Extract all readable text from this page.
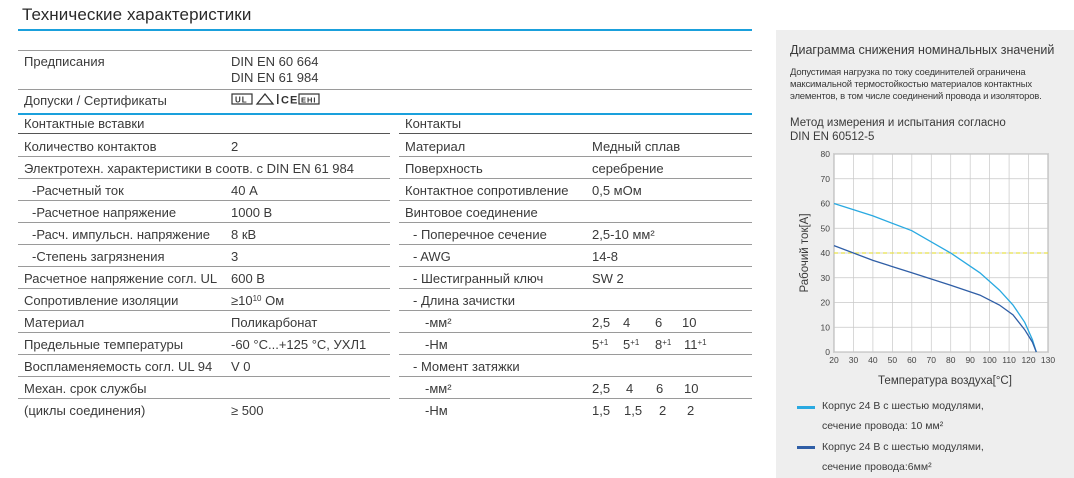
Технические характеристики
Предписания	DIN EN 60 664
DIN EN 61 984
Допуски / Сертификаты	UL	CE EHI
Контактные вставки	Контакты
Количество контактов	2
Электротехн. характеристики в соотв. с DIN EN 61 984
-Расчетный ток	40 А
-Расчетное напряжение	1000 В
-Расч. импульсн. напряжение 8 кВ
-Степень загрязнения	3
Расчетное напряжение согл. UL 600 В
Сопротивление изоляции	$\ge 10^{10}$ Ом
Материал	Поликарбонат
Предельные температуры	-60 °C...+125 °C, УХЛ1
Воспламеняемость согл. UL 94 V 0
Механ. срок службы
(циклы соединения)	≥ 500
Материал	Медный сплав
Поверхность	серебрение
Контактное сопротивление 0,5 мОм
Винтовое соединение
- Поперечное сечение	2,5-10 мм²
- AWG	14-8
- Шестигранный ключ	SW 2
- Длина зачистки
-мм²	2,5 4 6 10
-Нм	$5^{+1}$ $5^{+1}$ $8^{+1}$ $11^{+1}$
- Момент затяжки
-мм²	2,5 4 6 10
-Нм	1,5 1,5 2 2
Диаграмма снижения номинальных значений
Допустимая нагрузка по току соединителей ограничена максимальной термостойкостью материалов контактных элементов, в том числе соединений провода и изоляторов.
Метод измерения и испытания согласно
DIN EN 60512-5
20 30 40 50 60 70 80 90 100 110 120 130
0
10
20
30
40
50
60
70
80
Температура воздуха[°C]
Рабочий ток[А]
Корпус 24 В с шестью модулями,
сечение провода: 10 мм²
Корпус 24 В с шестью модулями,
сечение провода:6мм²
